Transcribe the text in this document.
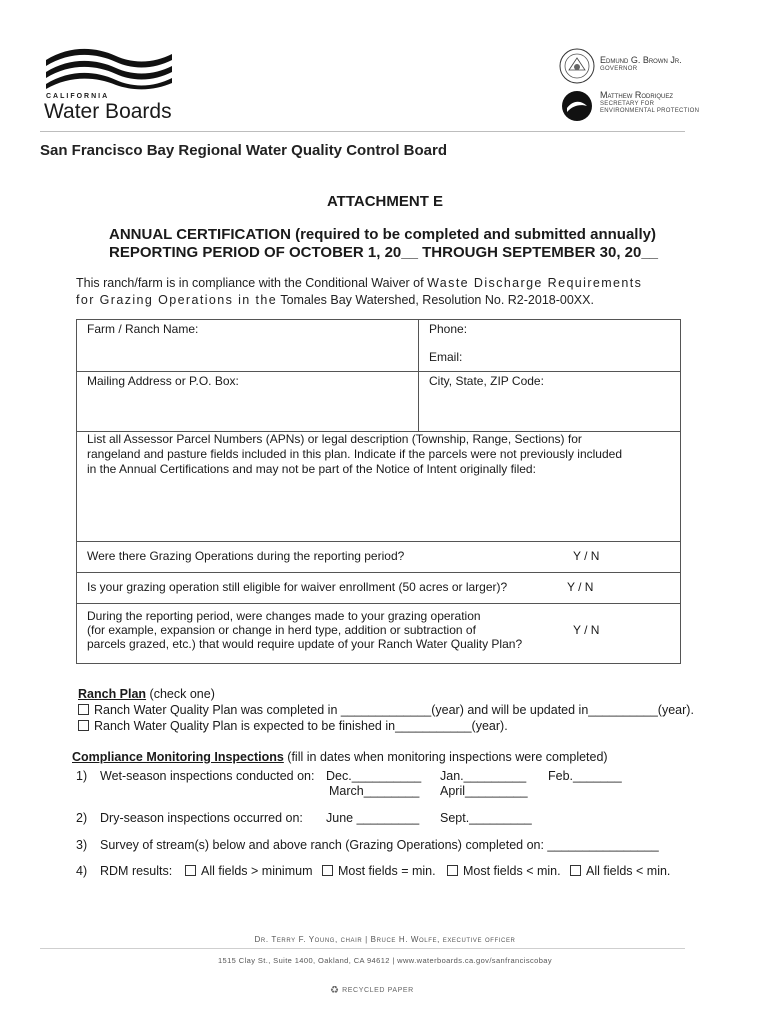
CALIFORNIA
Water Boards
Edmund G. Brown Jr.
GOVERNOR
Matthew Rodriquez
SECRETARY FOR
ENVIRONMENTAL PROTECTION
San Francisco Bay Regional Water Quality Control Board
ATTACHMENT E
ANNUAL CERTIFICATION (required to be completed and submitted annually)
REPORTING PERIOD OF OCTOBER 1, 20__ THROUGH SEPTEMBER 30, 20__
This ranch/farm is in compliance with the Conditional Waiver of Waste Discharge Requirements
for Grazing Operations in the Tomales Bay Watershed, Resolution No. R2-2018-00XX.
Farm / Ranch Name:	Phone:
Email:

Mailing Address or P.O. Box:	City, State, ZIP Code:

List all Assessor Parcel Numbers (APNs) or legal description (Township, Range, Sections) for
rangeland and pasture fields included in this plan. Indicate if the parcels were not previously included
in the Annual Certifications and may not be part of the Notice of Intent originally filed:	

Were there Grazing Operations during the reporting period? Y / N	

Is your grazing operation still eligible for waiver enrollment (50 acres or larger)? Y / N	

During the reporting period, were changes made to your grazing operation
(for example, expansion or change in herd type, addition or subtraction of
parcels grazed, etc.) that would require update of your Ranch Water Quality Plan?
Y / N	
Ranch Plan (check one)
Ranch Water Quality Plan was completed in _____________(year) and will be updated in__________(year).
Ranch Water Quality Plan is expected to be finished in___________(year).
Compliance Monitoring Inspections (fill in dates when monitoring inspections were completed)
1) Wet-season inspections conducted on: Dec.__________ Jan._________ Feb._______
March________ April_________
2) Dry-season inspections occurred on: June _________ Sept._________
3) Survey of stream(s) below and above ranch (Grazing Operations) completed on: ________________
4) RDM results:	All fields > minimum	Most fields = min.	Most fields < min.	All fields < min.
Dr. Terry F. Young, chair | Bruce H. Wolfe, executive officer
1515 Clay St., Suite 1400, Oakland, CA 94612 | www.waterboards.ca.gov/sanfranciscobay
♻ RECYCLED PAPER
